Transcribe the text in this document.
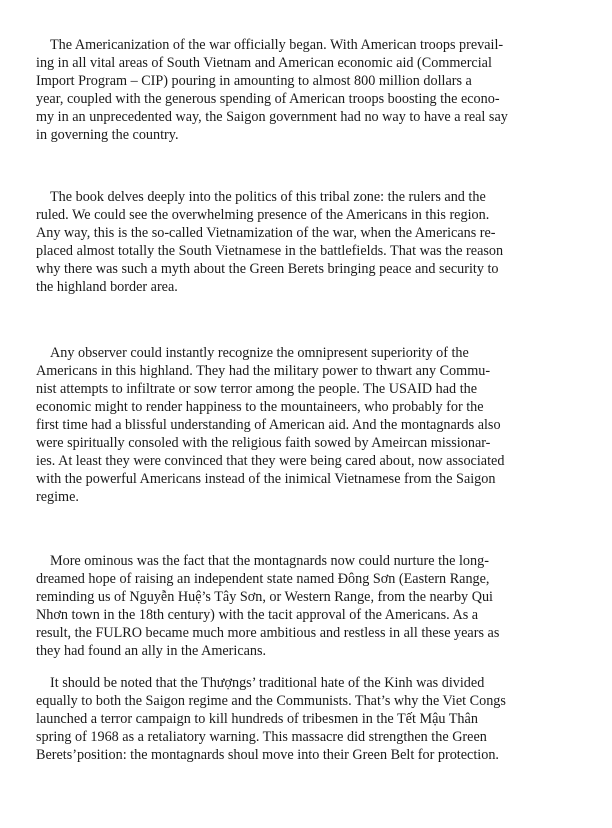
The Americanization of the war officially began. With American troops prevail-
ing in all vital areas of South Vietnam and American economic aid (Commercial
Import Program – CIP) pouring in amounting to almost 800 million dollars a
year, coupled with the generous spending of American troops boosting the econo-
my in an unprecedented way, the Saigon government had no way to have a real say
in governing the country.

The book delves deeply into the politics of this tribal zone: the rulers and the
ruled. We could see the overwhelming presence of the Americans in this region.
Any way, this is the so-called Vietnamization of the war, when the Americans re-
placed almost totally the South Vietnamese in the battlefields. That was the reason
why there was such a myth about the Green Berets bringing peace and security to
the highland border area.

Any observer could instantly recognize the omnipresent superiority of the
Americans in this highland. They had the military power to thwart any Commu-
nist attempts to infiltrate or sow terror among the people. The USAID had the
economic might to render happiness to the mountaineers, who probably for the
first time had a blissful understanding of American aid. And the montagnards also
were spiritually consoled with the religious faith sowed by Ameircan missionar-
ies. At least they were convinced that they were being cared about, now associated
with the powerful Americans instead of the inimical Vietnamese from the Saigon
regime.

More ominous was the fact that the montagnards now could nurture the long-
dreamed hope of raising an independent state named Đông Sơn (Eastern Range,
reminding us of Nguyễn Huệ’s Tây Sơn, or Western Range, from the nearby Qui
Nhơn town in the 18th century) with the tacit approval of the Americans. As a
result, the FULRO became much more ambitious and restless in all these years as
they had found an ally in the Americans.

It should be noted that the Thượngs’ traditional hate of the Kinh was divided
equally to both the Saigon regime and the Communists. That’s why the Viet Congs
launched a terror campaign to kill hundreds of tribesmen in the Tết Mậu Thân
spring of 1968 as a retaliatory warning. This massacre did strengthen the Green
Berets’position: the montagnards shoul move into their Green Belt for protection.
